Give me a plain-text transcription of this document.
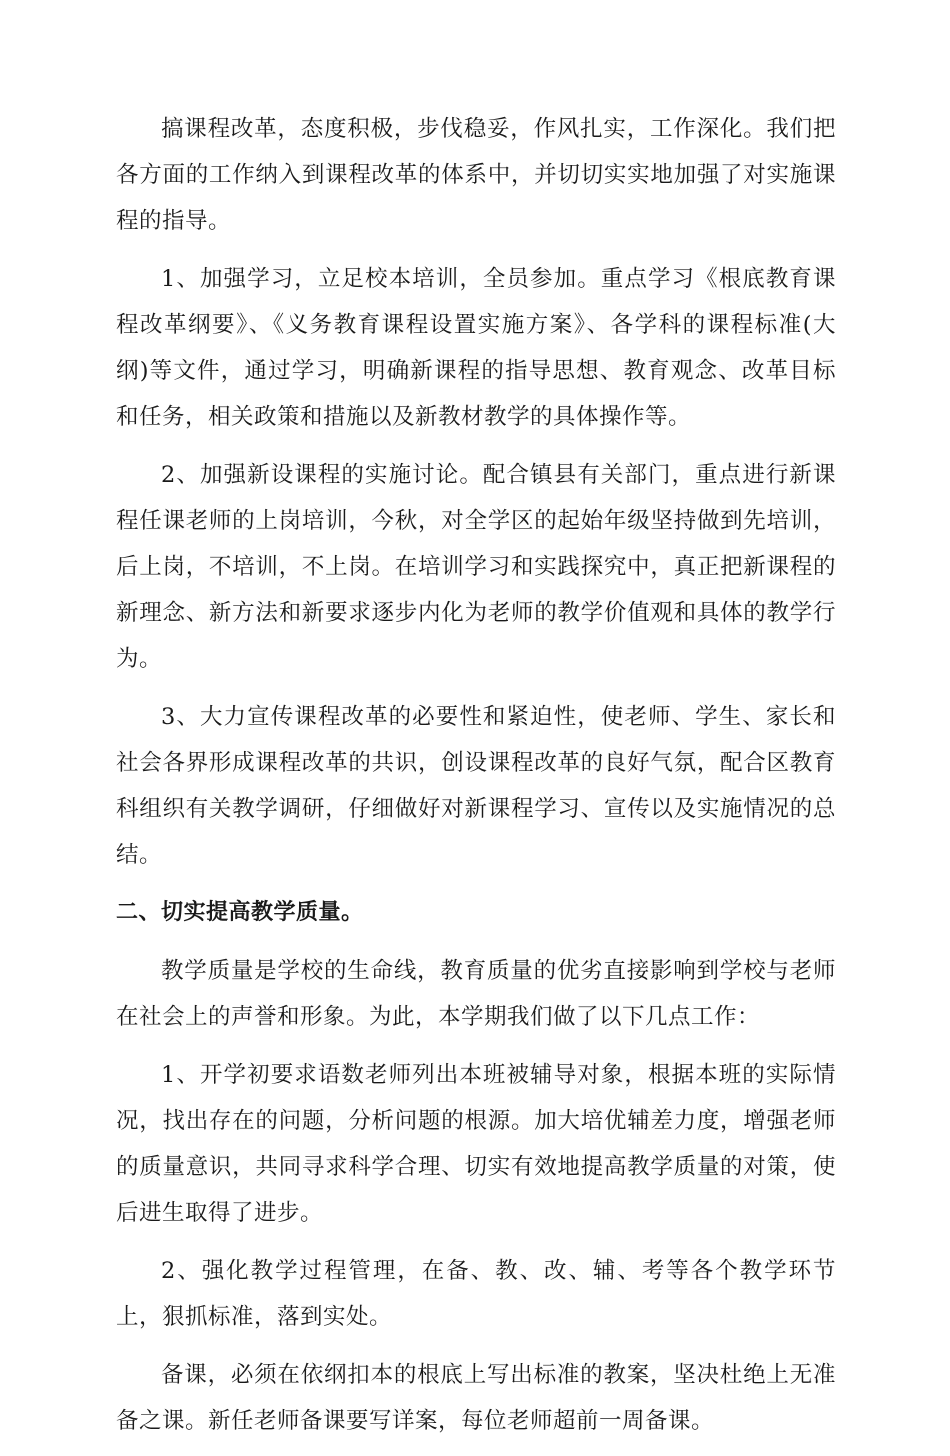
搞课程改革，态度积极，步伐稳妥，作风扎实，工作深化。我们把各方面的工作纳入到课程改革的体系中，并切切实实地加强了对实施课程的指导。

1、加强学习，立足校本培训，全员参加。重点学习《根底教育课程改革纲要》、《义务教育课程设置实施方案》、各学科的课程标准(大纲)等文件，通过学习，明确新课程的指导思想、教育观念、改革目标和任务，相关政策和措施以及新教材教学的具体操作等。

2、加强新设课程的实施讨论。配合镇县有关部门，重点进行新课程任课老师的上岗培训，今秋，对全学区的起始年级坚持做到先培训，后上岗，不培训，不上岗。在培训学习和实践探究中，真正把新课程的新理念、新方法和新要求逐步内化为老师的教学价值观和具体的教学行为。

3、大力宣传课程改革的必要性和紧迫性，使老师、学生、家长和社会各界形成课程改革的共识，创设课程改革的良好气氛，配合区教育科组织有关教学调研，仔细做好对新课程学习、宣传以及实施情况的总结。

二、切实提高教学质量。

教学质量是学校的生命线，教育质量的优劣直接影响到学校与老师在社会上的声誉和形象。为此，本学期我们做了以下几点工作：

1、开学初要求语数老师列出本班被辅导对象，根据本班的实际情况，找出存在的问题，分析问题的根源。加大培优辅差力度，增强老师的质量意识，共同寻求科学合理、切实有效地提高教学质量的对策，使后进生取得了进步。

2、强化教学过程管理，在备、教、改、辅、考等各个教学环节上，狠抓标准，落到实处。

备课，必须在依纲扣本的根底上写出标准的教案，坚决杜绝上无准备之课。新任老师备课要写详案，每位老师超前一周备课。
